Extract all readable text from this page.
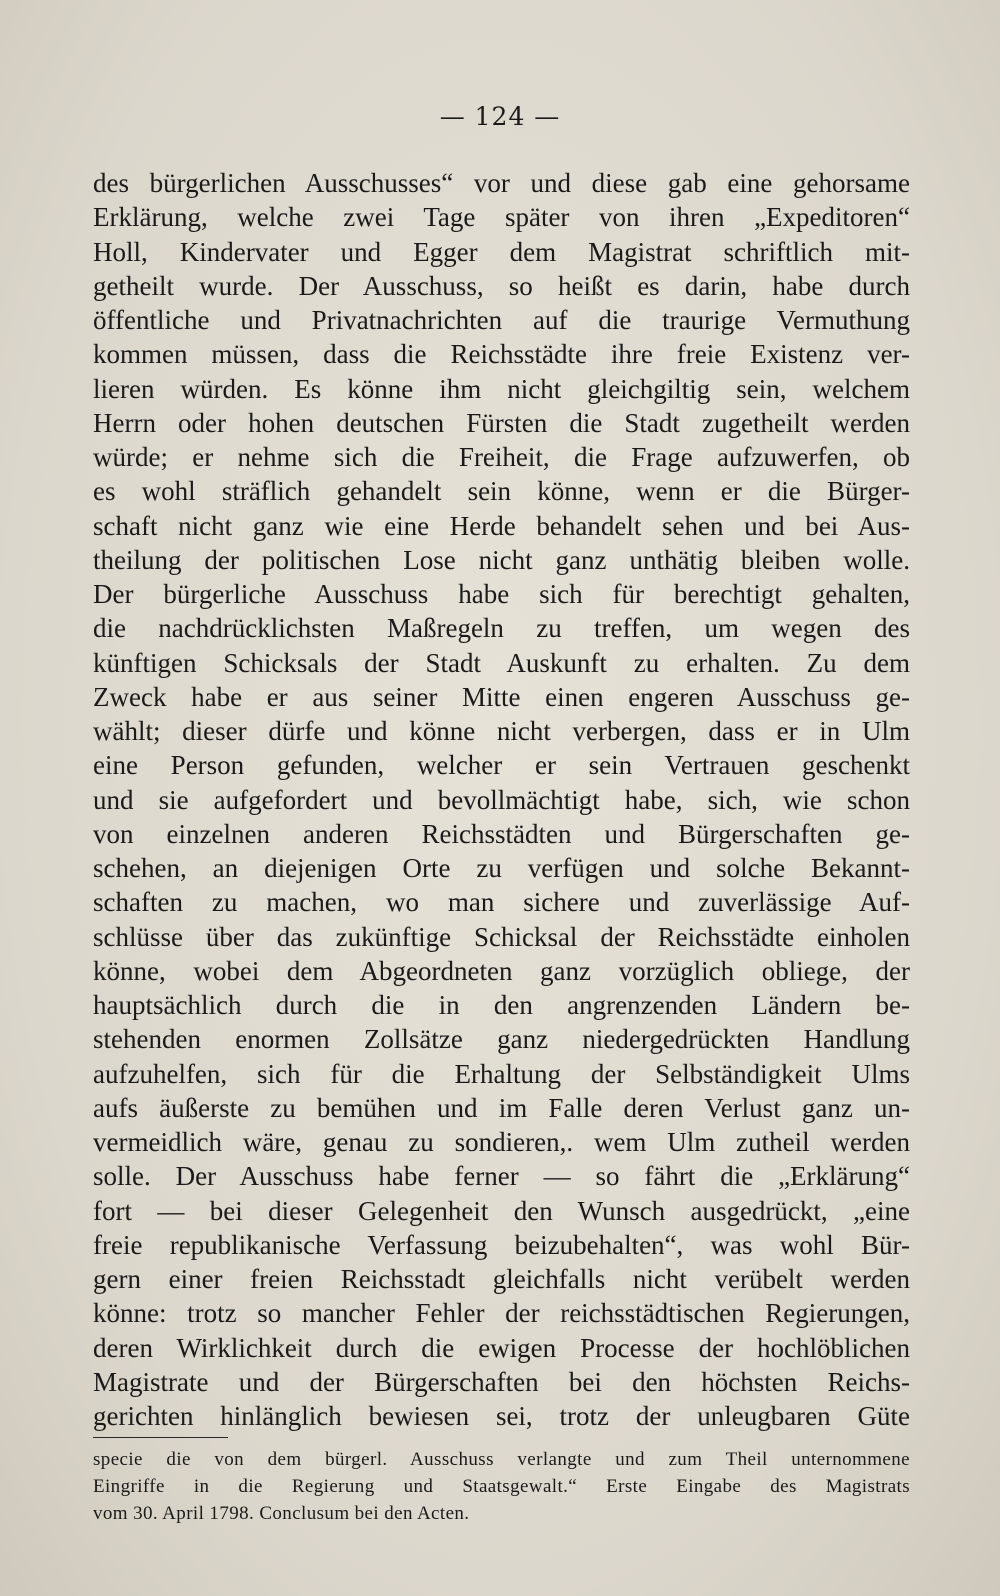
— 124 —
des bürgerlichen Ausschusses“ vor und diese gab eine gehorsame
Erklärung, welche zwei Tage später von ihren „Expeditoren“
Holl, Kindervater und Egger dem Magistrat schriftlich mit-
getheilt wurde. Der Ausschuss, so heißt es darin, habe durch
öffentliche und Privatnachrichten auf die traurige Vermuthung
kommen müssen, dass die Reichsstädte ihre freie Existenz ver-
lieren würden. Es könne ihm nicht gleichgiltig sein, welchem
Herrn oder hohen deutschen Fürsten die Stadt zugetheilt werden
würde; er nehme sich die Freiheit, die Frage aufzuwerfen, ob
es wohl sträflich gehandelt sein könne, wenn er die Bürger-
schaft nicht ganz wie eine Herde behandelt sehen und bei Aus-
theilung der politischen Lose nicht ganz unthätig bleiben wolle.
Der bürgerliche Ausschuss habe sich für berechtigt gehalten,
die nachdrücklichsten Maßregeln zu treffen, um wegen des
künftigen Schicksals der Stadt Auskunft zu erhalten. Zu dem
Zweck habe er aus seiner Mitte einen engeren Ausschuss ge-
wählt; dieser dürfe und könne nicht verbergen, dass er in Ulm
eine Person gefunden, welcher er sein Vertrauen geschenkt
und sie aufgefordert und bevollmächtigt habe, sich, wie schon
von einzelnen anderen Reichsstädten und Bürgerschaften ge-
schehen, an diejenigen Orte zu verfügen und solche Bekannt-
schaften zu machen, wo man sichere und zuverlässige Auf-
schlüsse über das zukünftige Schicksal der Reichsstädte einholen
könne, wobei dem Abgeordneten ganz vorzüglich obliege, der
hauptsächlich durch die in den angrenzenden Ländern be-
stehenden enormen Zollsätze ganz niedergedrückten Handlung
aufzuhelfen, sich für die Erhaltung der Selbständigkeit Ulms
aufs äußerste zu bemühen und im Falle deren Verlust ganz un-
vermeidlich wäre, genau zu sondieren,. wem Ulm zutheil werden
solle. Der Ausschuss habe ferner — so fährt die „Erklärung“
fort — bei dieser Gelegenheit den Wunsch ausgedrückt, „eine
freie republikanische Verfassung beizubehalten“, was wohl Bür-
gern einer freien Reichsstadt gleichfalls nicht verübelt werden
könne: trotz so mancher Fehler der reichsstädtischen Regierungen,
deren Wirklichkeit durch die ewigen Processe der hochlöblichen
Magistrate und der Bürgerschaften bei den höchsten Reichs-
gerichten hinlänglich bewiesen sei, trotz der unleugbaren Güte
specie die von dem bürgerl. Ausschuss verlangte und zum Theil unternommene
Eingriffe in die Regierung und Staatsgewalt.“ Erste Eingabe des Magistrats
vom 30. April 1798. Conclusum bei den Acten.
